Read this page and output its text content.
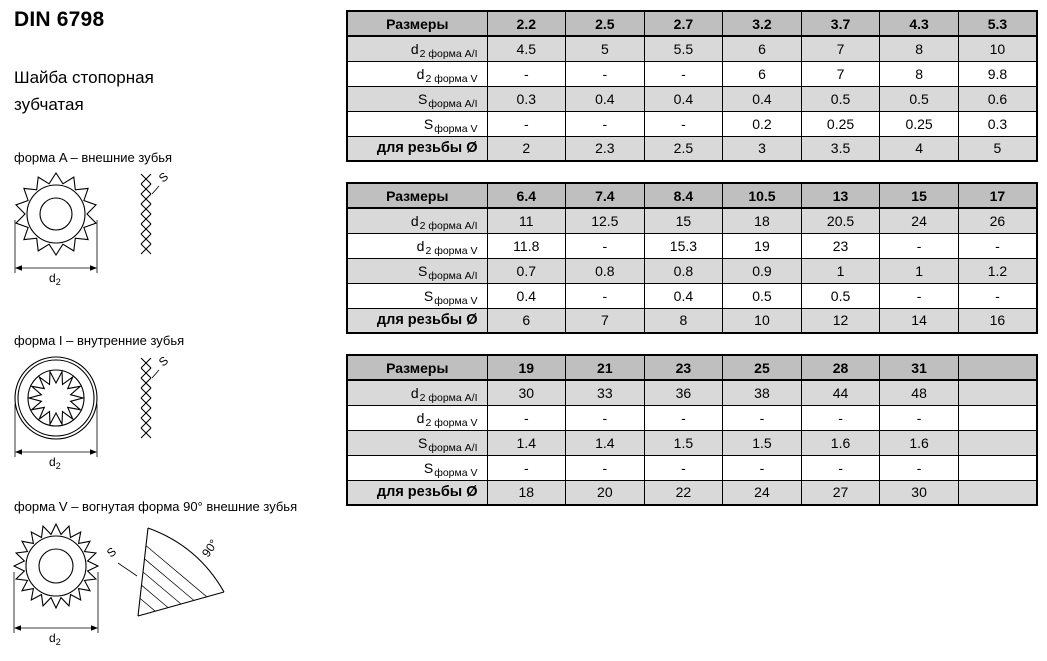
DIN 6798
Шайба стопорная зубчатая
форма A – внешние зубья
$d_2$
S
форма I – внутренние зубья
$d_2$
S
форма V – вогнутая форма 90° внешние зубья
$d_2$
90°
S
Размеры	2.2	2.5	2.7	3.2	3.7	4.3	5.3
$d_{2 форма A/I}$	4.5	5	5.5	6	7	8	10
$d_{2 форма V}$	-	-	-	6	7	8	9.8
$S_{форма A/I}$	0.3	0.4	0.4	0.4	0.5	0.5	0.6
$S_{форма V}$	-	-	-	0.2	0.25	0.25	0.3
для резьбы Ø	2	2.3	2.5	3	3.5	4	5
Размеры	6.4	7.4	8.4	10.5	13	15	17
$d_{2 форма A/I}$	11	12.5	15	18	20.5	24	26
$d_{2 форма V}$	11.8	-	15.3	19	23	-	-
$S_{форма A/I}$	0.7	0.8	0.8	0.9	1	1	1.2
$S_{форма V}$	0.4	-	0.4	0.5	0.5	-	-
для резьбы Ø	6	7	8	10	12	14	16
Размеры	19	21	23	25	28	31	
$d_{2 форма A/I}$	30	33	36	38	44	48	
$d_{2 форма V}$	-	-	-	-	-	-	
$S_{форма A/I}$	1.4	1.4	1.5	1.5	1.6	1.6	
$S_{форма V}$	-	-	-	-	-	-	
для резьбы Ø	18	20	22	24	27	30	
